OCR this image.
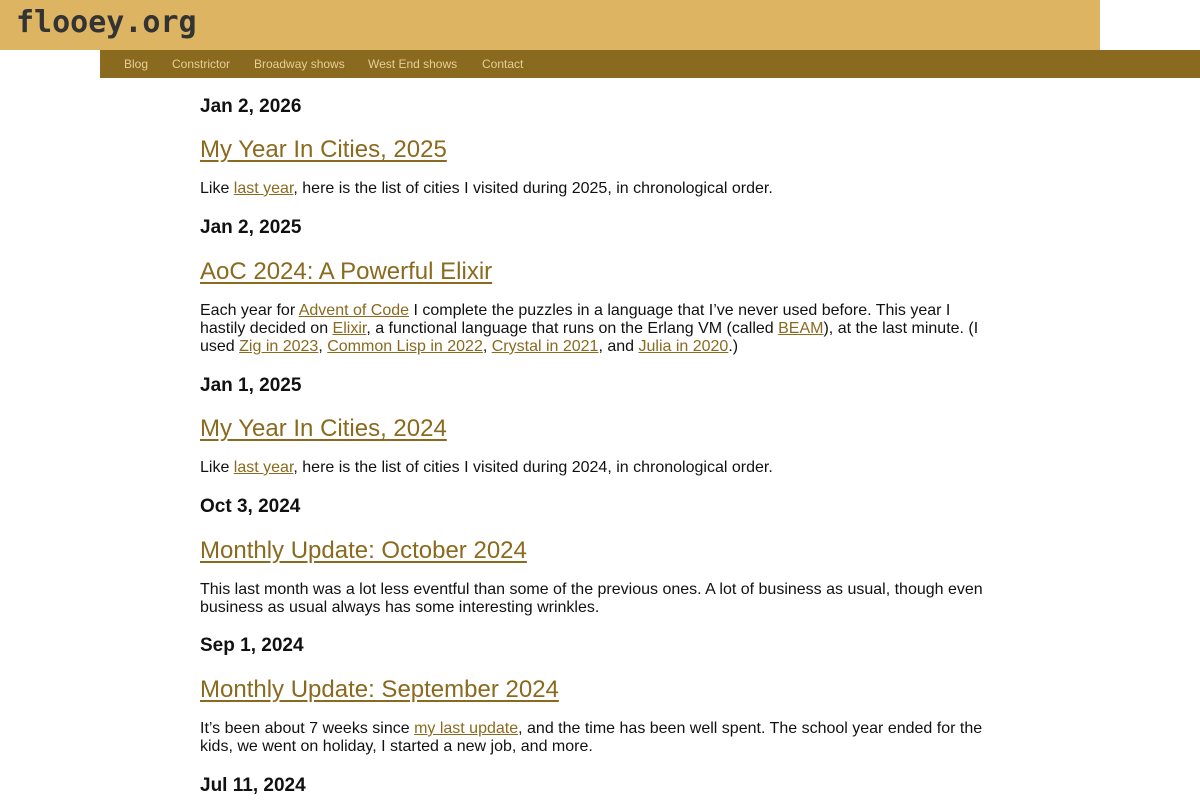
flooey.org
Blog Constrictor Broadway shows West End shows Contact
Jan 2, 2026
My Year In Cities, 2025

Like last year, here is the list of cities I visited during 2025, in chronological order.

Jan 2, 2025
AoC 2024: A Powerful Elixir

Each year for Advent of Code I complete the puzzles in a language that I’ve never used before. This year I hastily decided on Elixir, a functional language that runs on the Erlang VM (called BEAM), at the last minute. (I used Zig in 2023, Common Lisp in 2022, Crystal in 2021, and Julia in 2020.)

Jan 1, 2025
My Year In Cities, 2024

Like last year, here is the list of cities I visited during 2024, in chronological order.

Oct 3, 2024
Monthly Update: October 2024

This last month was a lot less eventful than some of the previous ones. A lot of business as usual, though even business as usual always has some interesting wrinkles.

Sep 1, 2024
Monthly Update: September 2024

It’s been about 7 weeks since my last update, and the time has been well spent. The school year ended for the kids, we went on holiday, I started a new job, and more.

Jul 11, 2024
